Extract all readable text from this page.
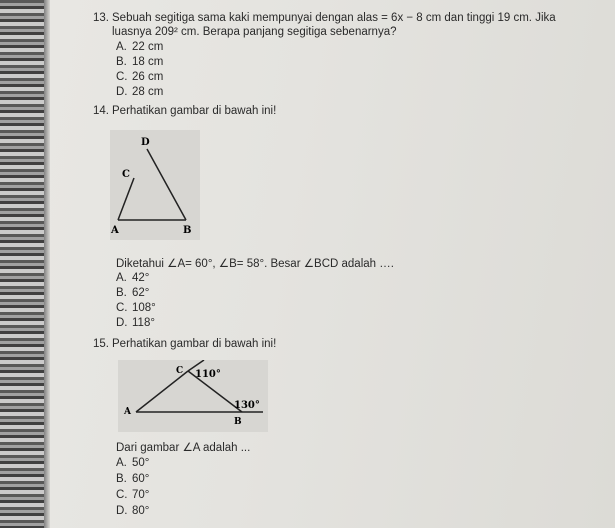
13. Sebuah segitiga sama kaki mempunyai dengan alas = 6x − 8 cm dan tinggi 19 cm. Jika
luasnya 209² cm. Berapa panjang segitiga sebenarnya?
A. 22 cm
B. 18 cm
C. 26 cm
D. 28 cm
14. Perhatikan gambar di bawah ini!
D
C
A	B
Diketahui ∠A= 60°, ∠B= 58°. Besar ∠BCD adalah ….
A. 42°
B. 62°
C. 108°
D. 118°
15. Perhatikan gambar di bawah ini!
C 110°
A
130°
B
Dari gambar ∠A adalah ...
A. 50°
B. 60°
C. 70°
D. 80°
